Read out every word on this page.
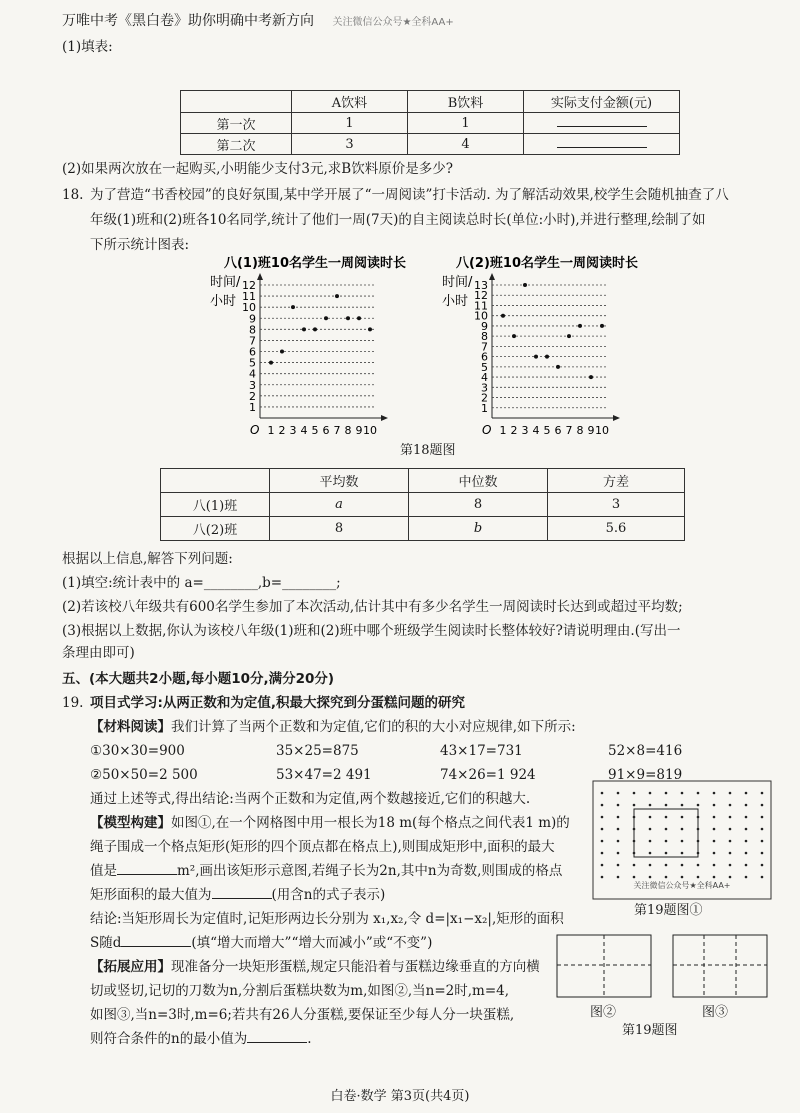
万唯中考《黑白卷》助你明确中考新方向 关注微信公众号★全科AA+
(1)填表:
	A饮料	B饮料	实际支付金额(元)
第一次	1	1	
第二次	3	4	
(2)如果两次放在一起购买,小明能少支付3元,求B饮料原价是多少?
18. 为了营造“书香校园”的良好氛围,某中学开展了“一周阅读”打卡活动. 为了解活动效果,校学生会随机抽查了八
年级(1)班和(2)班各10名同学,统计了他们一周(7天)的自主阅读总时长(单位:小时),并进行整理,绘制了如
下所示统计图表:
八(1)班10名学生一周阅读时长
时间/
小时
1
2
3
4
5
6
7
8
9
10
11
12
O 1 2 3 4 5 6 7 8 9 10
八(2)班10名学生一周阅读时长
时间/
小时
1
2
3
4
5
6
7
8
9
10
11
12
13
O 1 2 3 4 5 6 7 8 9 10
第18题图
	平均数	中位数	方差
八(1)班	a	8	3
八(2)班	8	b	5.6
根据以上信息,解答下列问题:
(1)填空:统计表中的 a=________,b=________;
(2)若该校八年级共有600名学生参加了本次活动,估计其中有多少名学生一周阅读时长达到或超过平均数;
(3)根据以上数据,你认为该校八年级(1)班和(2)班中哪个班级学生阅读时长整体较好?请说明理由.(写出一
条理由即可)
五、(本大题共2小题,每小题10分,满分20分)
19. 项目式学习:从两正数和为定值,积最大探究到分蛋糕问题的研究
【材料阅读】我们计算了当两个正数和为定值,它们的积的大小对应规律,如下所示:
①30×30=900	35×25=875	43×17=731	52×8=416
②50×50=2 500	53×47=2 491	74×26=1 924	91×9=819
通过上述等式,得出结论:当两个正数和为定值,两个数越接近,它们的积越大.
【模型构建】如图①,在一个网格图中用一根长为18 m(每个格点之间代表1 m)的
绳子围成一个格点矩形(矩形的四个顶点都在格点上),则围成矩形中,面积的最大
值是	m²,画出该矩形示意图,若绳子长为2n,其中n为奇数,则围成的格点
矩形面积的最大值为	(用含n的式子表示)
结论:当矩形周长为定值时,记矩形两边长分别为 x₁,x₂,令 d=|x₁−x₂|,矩形的面积
S随d	(填“增大而增大”“增大而减小”或“不变”)
【拓展应用】现准备分一块矩形蛋糕,规定只能沿着与蛋糕边缘垂直的方向横
切或竖切,记切的刀数为n,分割后蛋糕块数为m,如图②,当n=2时,m=4,
如图③,当n=3时,m=6;若共有26人分蛋糕,要保证至少每人分一块蛋糕,
则符合条件的n的最小值为	.
关注微信公众号★全科AA+
第19题图①
图②	图③
第19题图
白卷·数学 第3页(共4页)
